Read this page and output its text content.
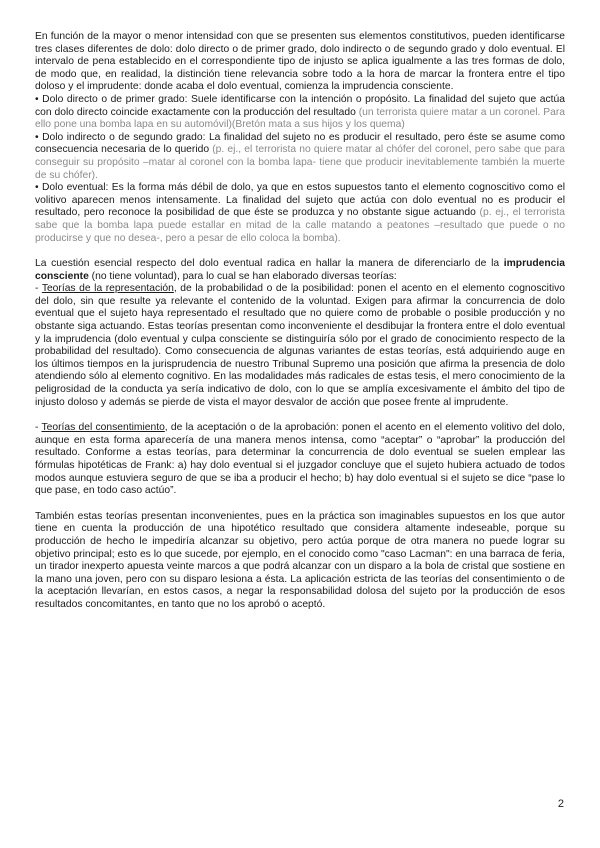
En función de la mayor o menor intensidad con que se presenten sus elementos constitutivos, pueden identificarse tres clases diferentes de dolo: dolo directo o de primer grado, dolo indirecto o de segundo grado y dolo eventual. El intervalo de pena establecido en el correspondiente tipo de injusto se aplica igualmente a las tres formas de dolo, de modo que, en realidad, la distinción tiene relevancia sobre todo a la hora de marcar la frontera entre el tipo doloso y el imprudente: donde acaba el dolo eventual, comienza la imprudencia consciente.

• Dolo directo o de primer grado: Suele identificarse con la intención o propósito. La finalidad del sujeto que actúa con dolo directo coincide exactamente con la producción del resultado (un terrorista quiere matar a un coronel. Para ello pone una bomba lapa en su automóvil)(Bretón mata a sus hijos y los quema)

• Dolo indirecto o de segundo grado: La finalidad del sujeto no es producir el resultado, pero éste se asume como consecuencia necesaria de lo querido (p. ej., el terrorista no quiere matar al chófer del coronel, pero sabe que para conseguir su propósito –matar al coronel con la bomba lapa- tiene que producir inevitablemente también la muerte de su chófer).

• Dolo eventual: Es la forma más débil de dolo, ya que en estos supuestos tanto el elemento cognoscitivo como el volitivo aparecen menos intensamente. La finalidad del sujeto que actúa con dolo eventual no es producir el resultado, pero reconoce la posibilidad de que éste se produzca y no obstante sigue actuando (p. ej., el terrorista sabe que la bomba lapa puede estallar en mitad de la calle matando a peatones –resultado que puede o no producirse y que no desea-, pero a pesar de ello coloca la bomba).

La cuestión esencial respecto del dolo eventual radica en hallar la manera de diferenciarlo de la imprudencia consciente (no tiene voluntad), para lo cual se han elaborado diversas teorías:

- Teorías de la representación, de la probabilidad o de la posibilidad: ponen el acento en el elemento cognoscitivo del dolo, sin que resulte ya relevante el contenido de la voluntad. Exigen para afirmar la concurrencia de dolo eventual que el sujeto haya representado el resultado que no quiere como de probable o posible producción y no obstante siga actuando. Estas teorías presentan como inconveniente el desdibujar la frontera entre el dolo eventual y la imprudencia (dolo eventual y culpa consciente se distinguiría sólo por el grado de conocimiento respecto de la probabilidad del resultado). Como consecuencia de algunas variantes de estas teorías, está adquiriendo auge en los últimos tiempos en la jurisprudencia de nuestro Tribunal Supremo una posición que afirma la presencia de dolo atendiendo sólo al elemento cognitivo. En las modalidades más radicales de estas tesis, el mero conocimiento de la peligrosidad de la conducta ya sería indicativo de dolo, con lo que se amplía excesivamente el ámbito del tipo de injusto doloso y además se pierde de vista el mayor desvalor de acción que posee frente al imprudente.

- Teorías del consentimiento, de la aceptación o de la aprobación: ponen el acento en el elemento volitivo del dolo, aunque en esta forma aparecería de una manera menos intensa, como “aceptar” o “aprobar” la producción del resultado. Conforme a estas teorías, para determinar la concurrencia de dolo eventual se suelen emplear las fórmulas hipotéticas de Frank: a) hay dolo eventual si el juzgador concluye que el sujeto hubiera actuado de todos modos aunque estuviera seguro de que se iba a producir el hecho; b) hay dolo eventual si el sujeto se dice “pase lo que pase, en todo caso actúo”.

También estas teorías presentan inconvenientes, pues en la práctica son imaginables supuestos en los que autor tiene en cuenta la producción de una hipotético resultado que considera altamente indeseable, porque su producción de hecho le impediría alcanzar su objetivo, pero actúa porque de otra manera no puede lograr su objetivo principal; esto es lo que sucede, por ejemplo, en el conocido como "caso Lacman": en una barraca de feria, un tirador inexperto apuesta veinte marcos a que podrá alcanzar con un disparo a la bola de cristal que sostiene en la mano una joven, pero con su disparo lesiona a ésta. La aplicación estricta de las teorías del consentimiento o de la aceptación llevarían, en estos casos, a negar la responsabilidad dolosa del sujeto por la producción de esos resultados concomitantes, en tanto que no los aprobó o aceptó.

2
